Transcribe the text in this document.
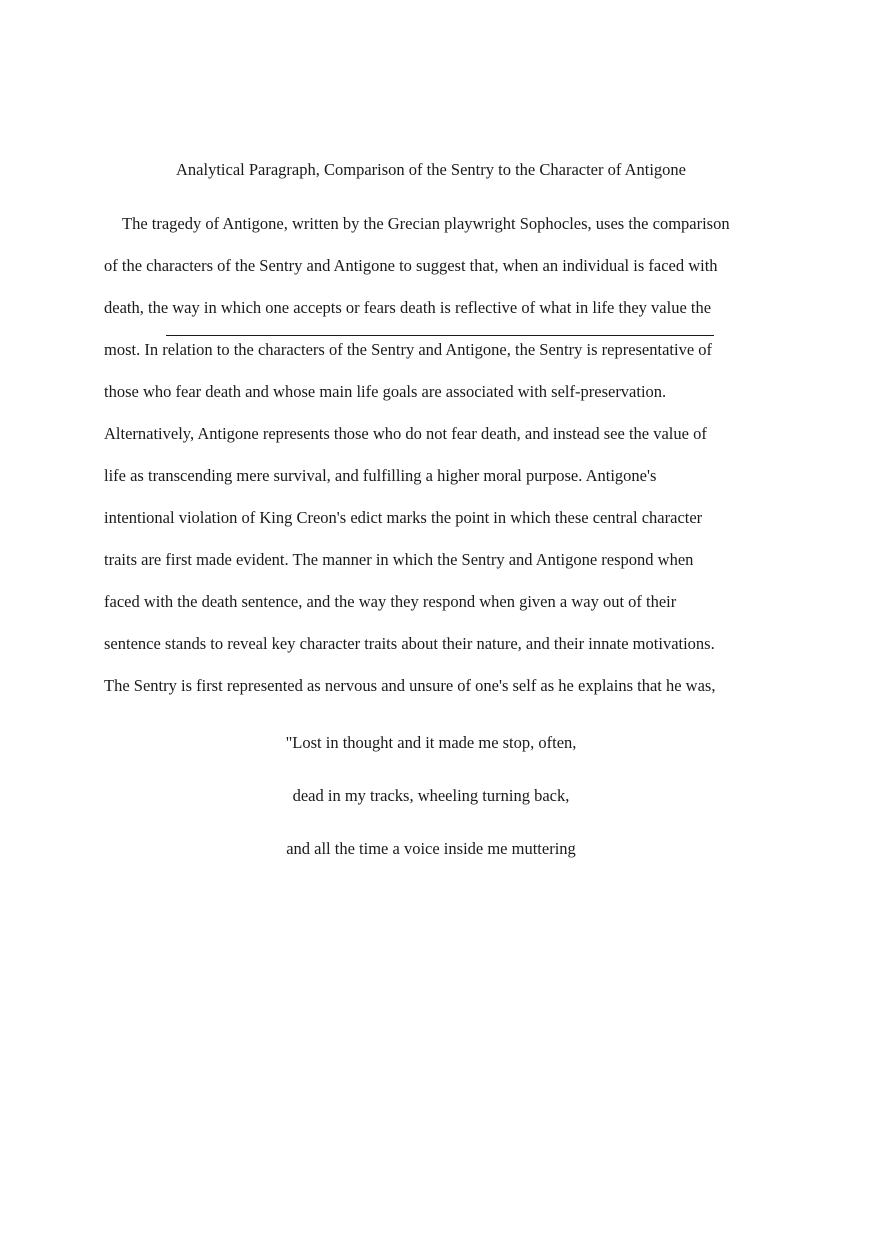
Analytical Paragraph, Comparison of the Sentry to the Character of Antigone
The tragedy of Antigone, written by the Grecian playwright Sophocles, uses the comparison
of the characters of the Sentry and Antigone to suggest that, when an individual is faced with
death, the way in which one accepts or fears death is reflective of what in life they value the
most. In relation to the characters of the Sentry and Antigone, the Sentry is representative of
those who fear death and whose main life goals are associated with self-preservation.
Alternatively, Antigone represents those who do not fear death, and instead see the value of
life as transcending mere survival, and fulfilling a higher moral purpose. Antigone's
intentional violation of King Creon's edict marks the point in which these central character
traits are first made evident. The manner in which the Sentry and Antigone respond when
faced with the death sentence, and the way they respond when given a way out of their
sentence stands to reveal key character traits about their nature, and their innate motivations.
The Sentry is first represented as nervous and unsure of one's self as he explains that he was,
"Lost in thought and it made me stop, often,
dead in my tracks, wheeling turning back,
and all the time a voice inside me muttering
